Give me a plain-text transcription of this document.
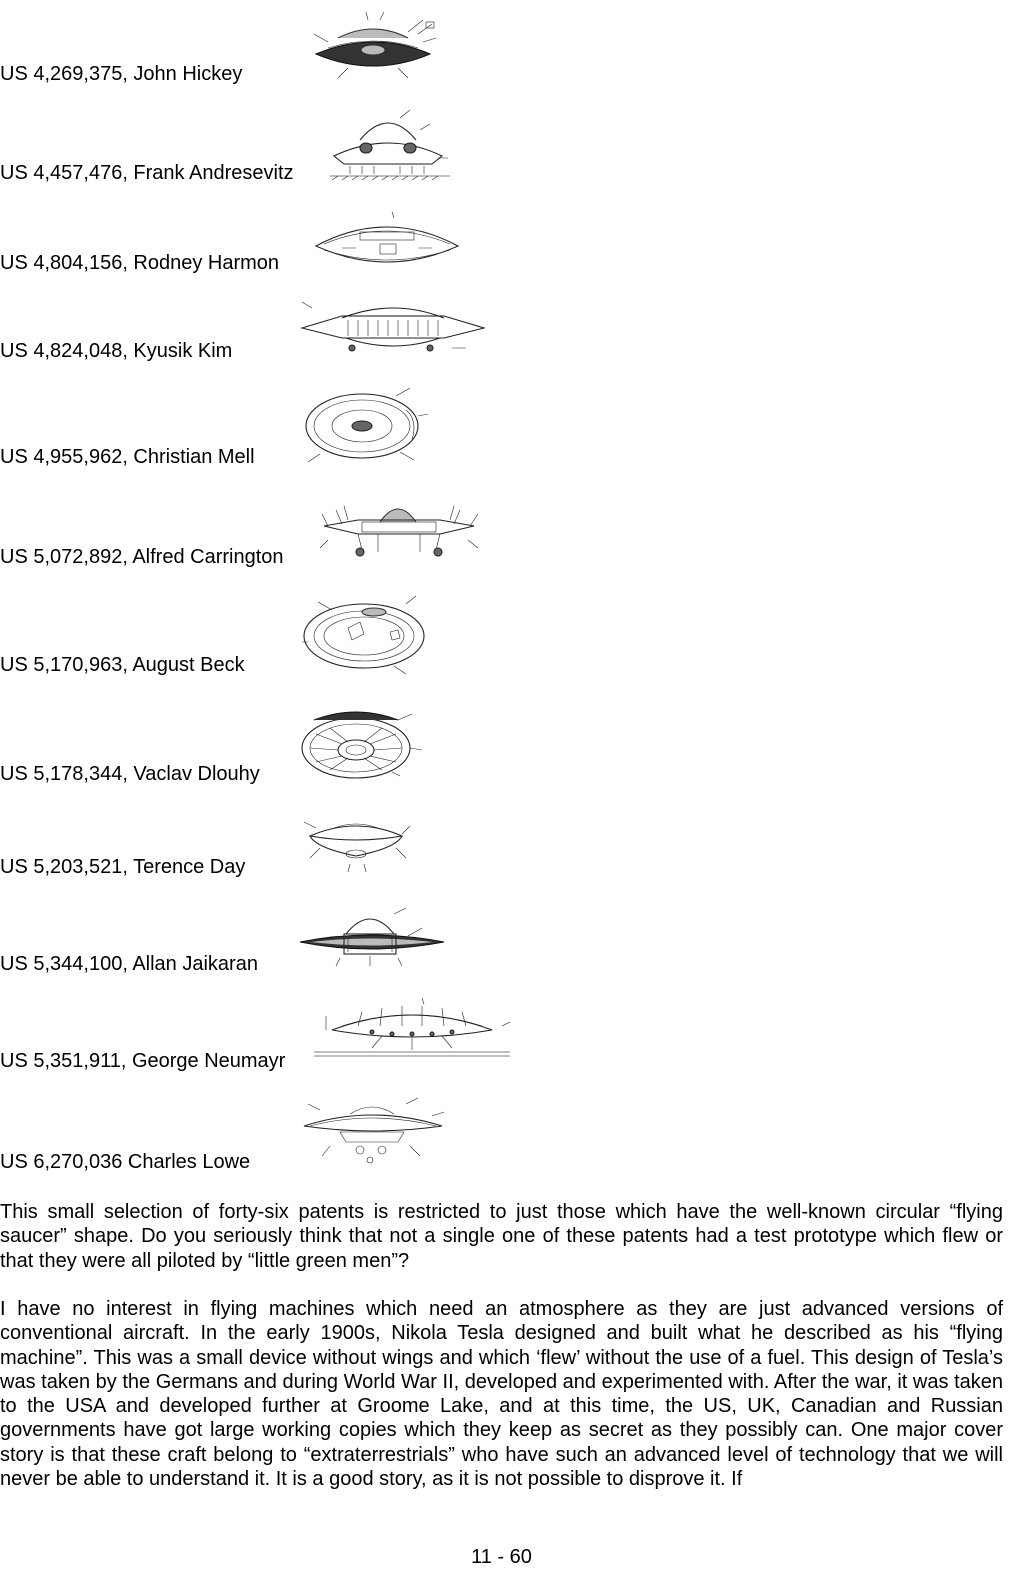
US 4,269,375, John Hickey
US 4,457,476, Frank Andresevitz
US 4,804,156, Rodney Harmon
US 4,824,048, Kyusik Kim
US 4,955,962, Christian Mell
US 5,072,892, Alfred Carrington
US 5,170,963, August Beck
US 5,178,344, Vaclav Dlouhy
US 5,203,521, Terence Day
US 5,344,100, Allan Jaikaran
US 5,351,911, George Neumayr
US 6,270,036 Charles Lowe

This small selection of forty-six patents is restricted to just those which have the well-known circular “flying saucer” shape. Do you seriously think that not a single one of these patents had a test prototype which flew or that they were all piloted by “little green men”?

I have no interest in flying machines which need an atmosphere as they are just advanced versions of conventional aircraft. In the early 1900s, Nikola Tesla designed and built what he described as his “flying machine”. This was a small device without wings and which ‘flew’ without the use of a fuel. This design of Tesla’s was taken by the Germans and during World War II, developed and experimented with. After the war, it was taken to the USA and developed further at Groome Lake, and at this time, the US, UK, Canadian and Russian governments have got large working copies which they keep as secret as they possibly can. One major cover story is that these craft belong to “extraterrestrials” who have such an advanced level of technology that we will never be able to understand it. It is a good story, as it is not possible to disprove it. If

11 - 60
